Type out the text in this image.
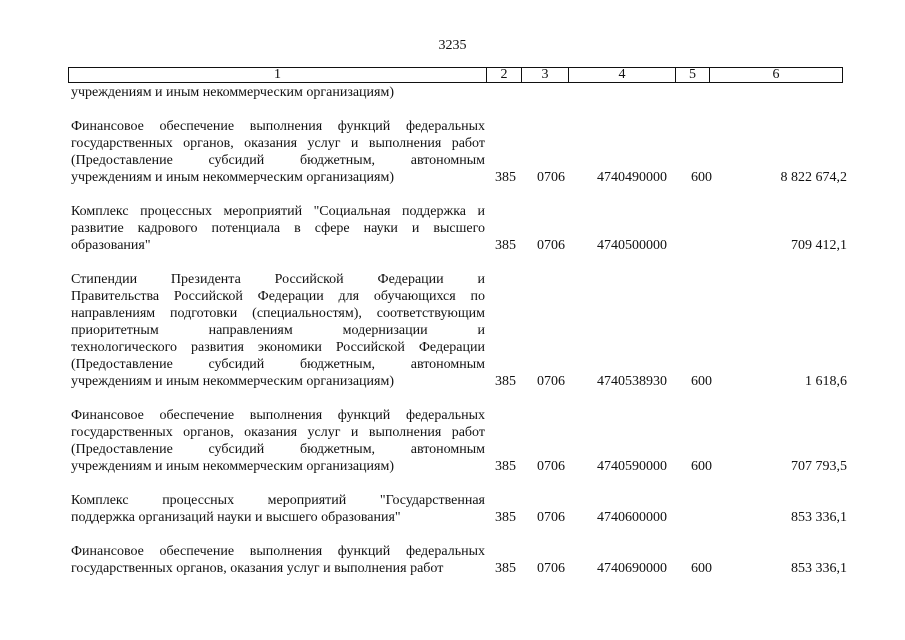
3235
1	2	3	4	5	6
учреждениям и иным некоммерческим организациям)
Финансовое обеспечение выполнения функций федеральных
государственных органов, оказания услуг и выполнения работ
(Предоставление субсидий бюджетным, автономным
учреждениям и иным некоммерческим организациям)	385 0706 4740490000 600	8 822 674,2
Комплекс процессных мероприятий "Социальная поддержка и
развитие кадрового потенциала в сфере науки и высшего
образования"	385 0706 4740500000	709 412,1
Стипендии Президента Российской Федерации и
Правительства Российской Федерации для обучающихся по
направлениям подготовки (специальностям), соответствующим
приоритетным направлениям модернизации и
технологического развития экономики Российской Федерации
(Предоставление субсидий бюджетным, автономным
учреждениям и иным некоммерческим организациям)	385 0706 4740538930 600	1 618,6
Финансовое обеспечение выполнения функций федеральных
государственных органов, оказания услуг и выполнения работ
(Предоставление субсидий бюджетным, автономным
учреждениям и иным некоммерческим организациям)	385 0706 4740590000 600	707 793,5
Комплекс процессных мероприятий "Государственная
поддержка организаций науки и высшего образования"	385 0706 4740600000	853 336,1
Финансовое обеспечение выполнения функций федеральных
государственных органов, оказания услуг и выполнения работ	385 0706 4740690000 600	853 336,1
